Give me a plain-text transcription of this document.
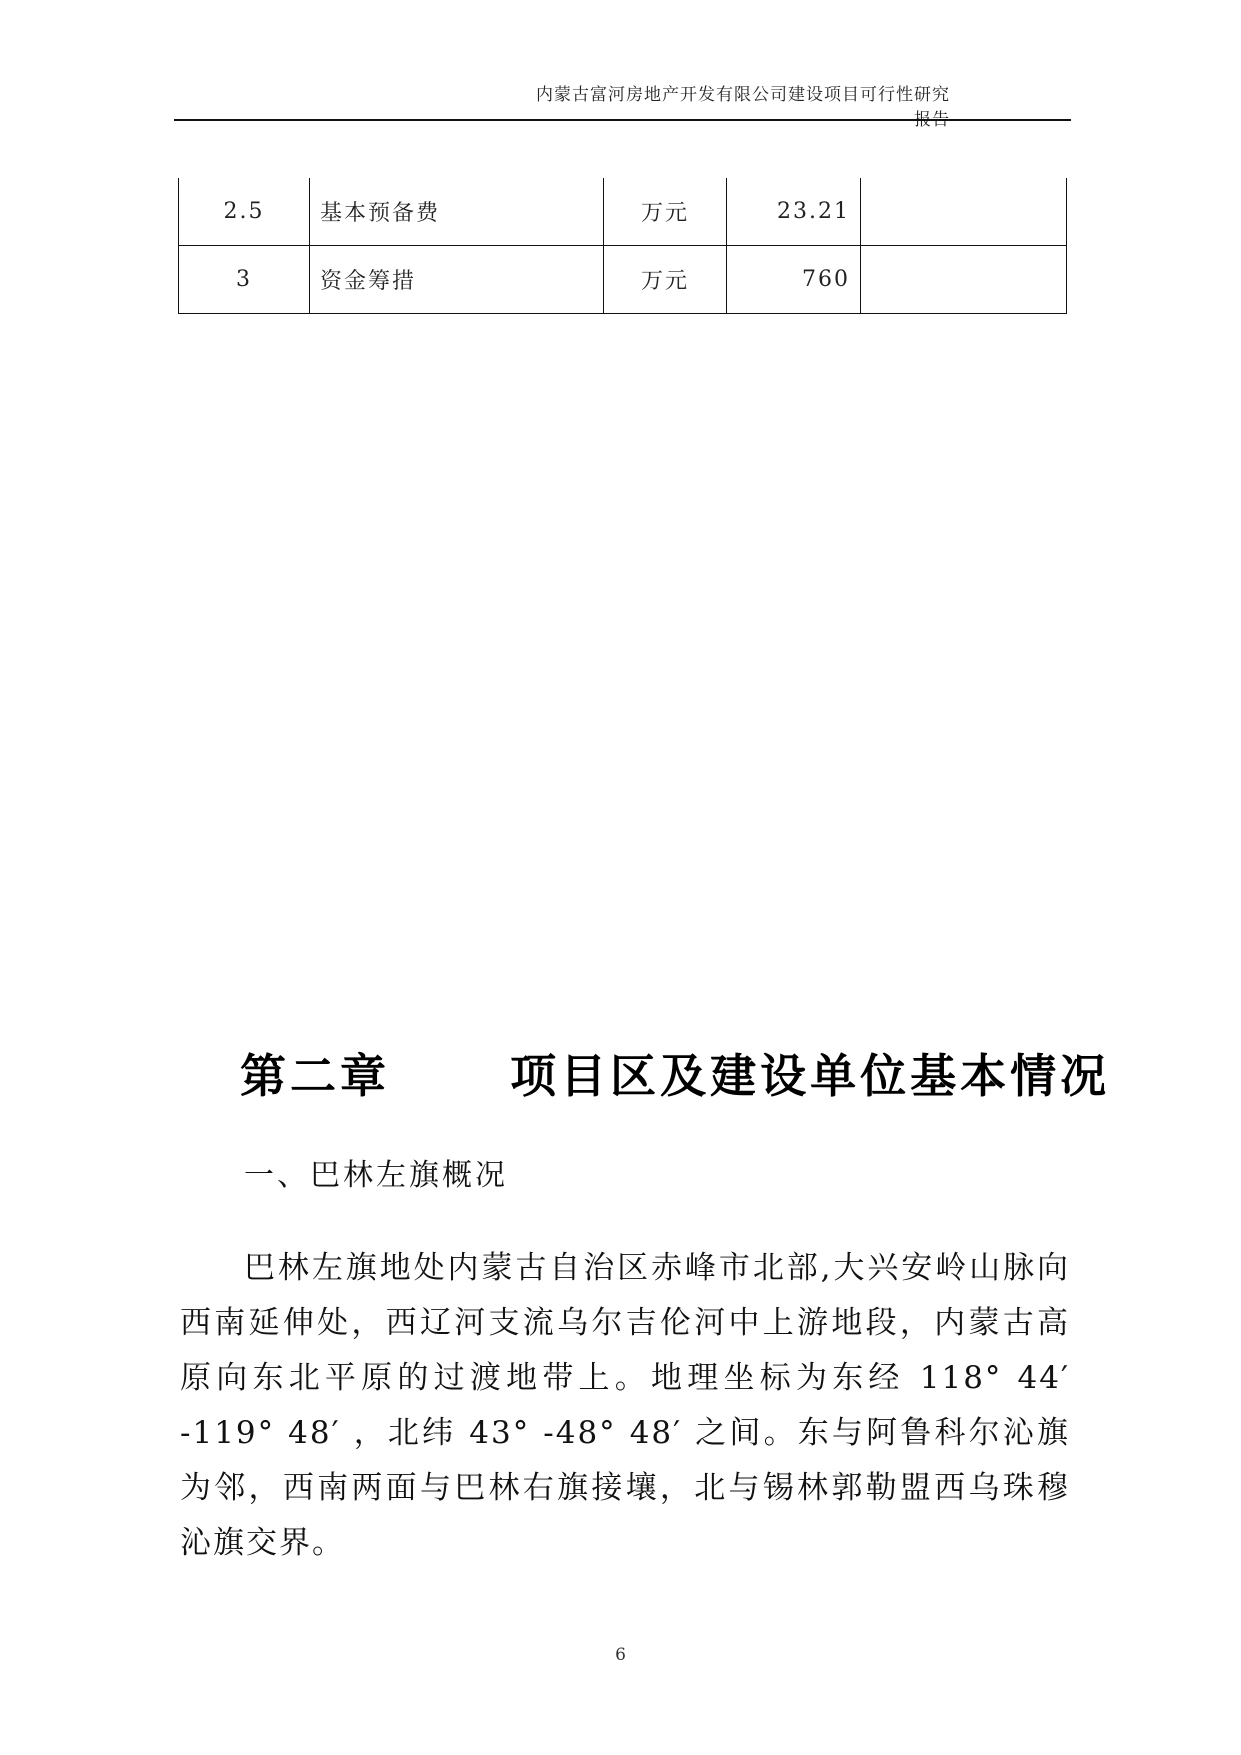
内蒙古富河房地产开发有限公司建设项目可行性研究报告
2.5	基本预备费	万元	23.21	
3	资金筹措	万元	760	
第二章      项目区及建设单位基本情况
一、巴林左旗概况

巴林左旗地处内蒙古自治区赤峰市北部,大兴安岭山脉向西南延伸处，西辽河支流乌尔吉伦河中上游地段，内蒙古高原向东北平原的过渡地带上。地理坐标为东经 118° 44′ -119° 48′ ，北纬 43° -48° 48′ 之间。东与阿鲁科尔沁旗为邻，西南两面与巴林右旗接壤，北与锡林郭勒盟西乌珠穆沁旗交界。

6
